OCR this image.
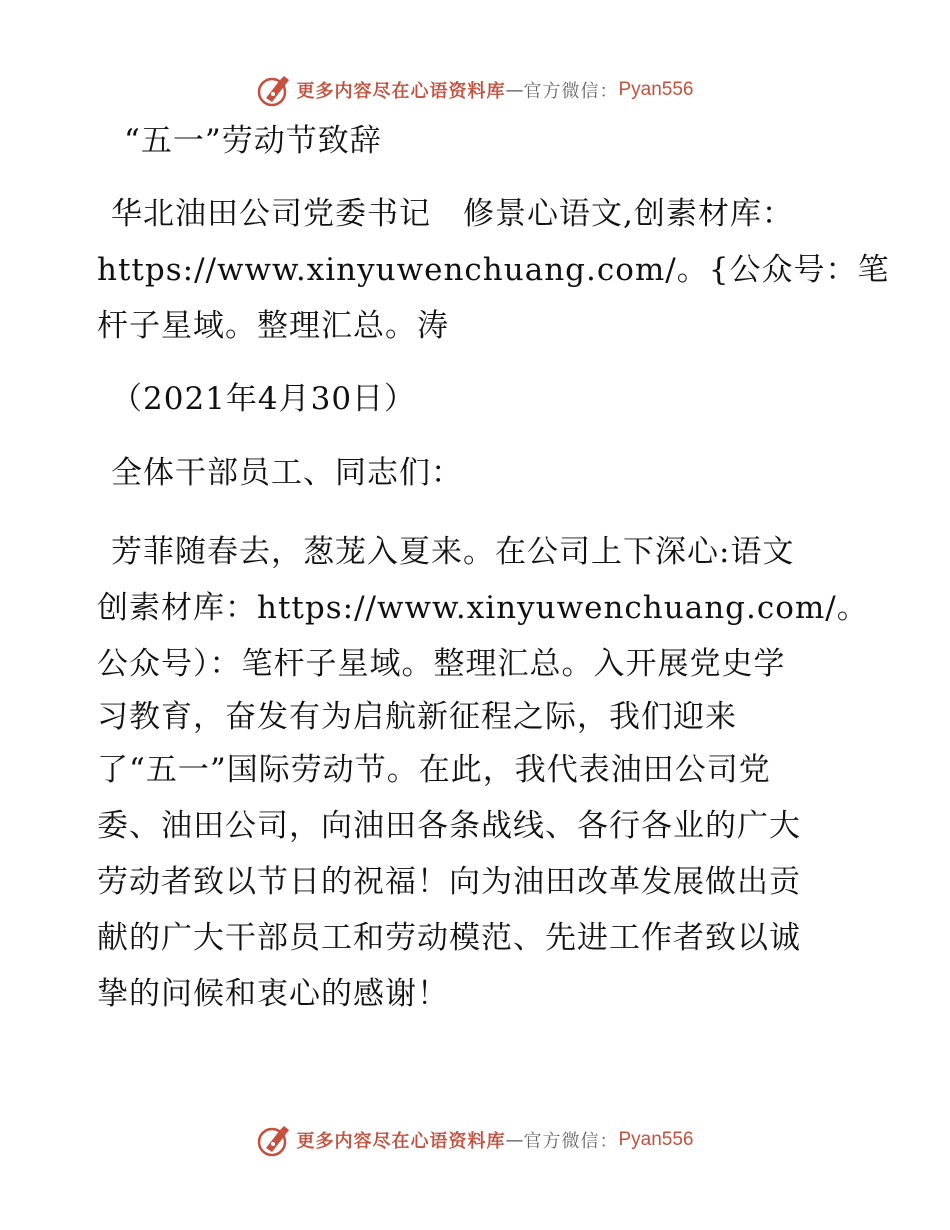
更多内容尽在心语资料库 — 官方微信： Pyan556
“五一”劳动节致辞
华北油田公司党委书记　修景心语文,创素材库：
https://www.xinyuwenchuang.com/。{公众号：笔
杆子星域。整理汇总。涛
（2021年4月30日）
全体干部员工、同志们：
芳菲随春去，葱茏入夏来。在公司上下深心:语文
创素材库：https://www.xinyuwenchuang.com/。
公众号）：笔杆子星域。整理汇总。入开展党史学
习教育，奋发有为启航新征程之际，我们迎来
了“五一”国际劳动节。在此，我代表油田公司党
委、油田公司，向油田各条战线、各行各业的广大
劳动者致以节日的祝福！向为油田改革发展做出贡
献的广大干部员工和劳动模范、先进工作者致以诚
挚的问候和衷心的感谢！
更多内容尽在心语资料库 — 官方微信： Pyan556
